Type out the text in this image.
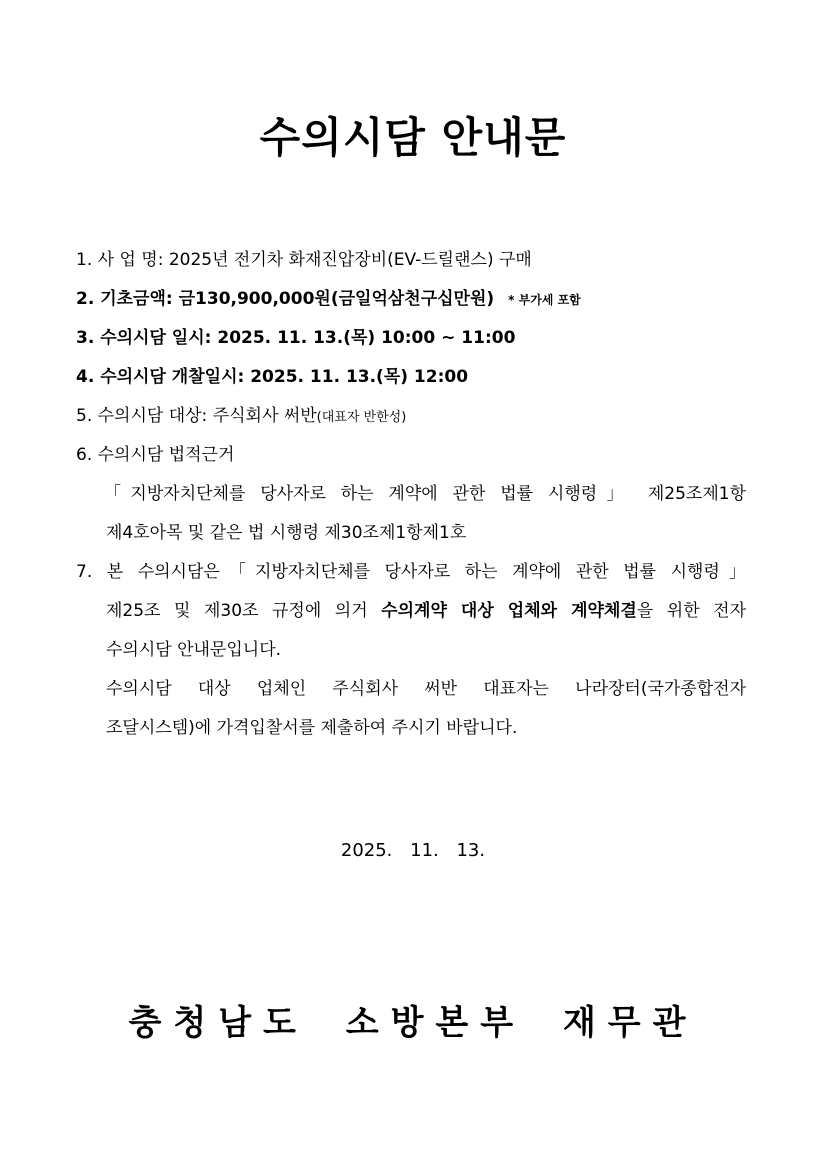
수의시담 안내문
1. 사 업 명: 2025년 전기차 화재진압장비(EV-드릴랜스) 구매
2. 기초금액: 금130,900,000원(금일억삼천구십만원) * 부가세 포함
3. 수의시담 일시: 2025. 11. 13.(목) 10:00 ~ 11:00
4. 수의시담 개찰일시: 2025. 11. 13.(목) 12:00
5. 수의시담 대상: 주식회사 써반(대표자 반한성)
6. 수의시담 법적근거
「지방자치단체를 당사자로 하는 계약에 관한 법률 시행령」 제25조제1항
제4호아목 및 같은 법 시행령 제30조제1항제1호
7. 본 수의시담은「지방자치단체를 당사자로 하는 계약에 관한 법률 시행령」
제25조 및 제30조 규정에 의거 수의계약 대상 업체와 계약체결을 위한 전자
수의시담 안내문입니다.
수의시담 대상 업체인 주식회사 써반 대표자는 나라장터(국가종합전자
조달시스템)에 가격입찰서를 제출하여 주시기 바랍니다.
2025. 11. 13.
충청남도 소방본부 재무관
